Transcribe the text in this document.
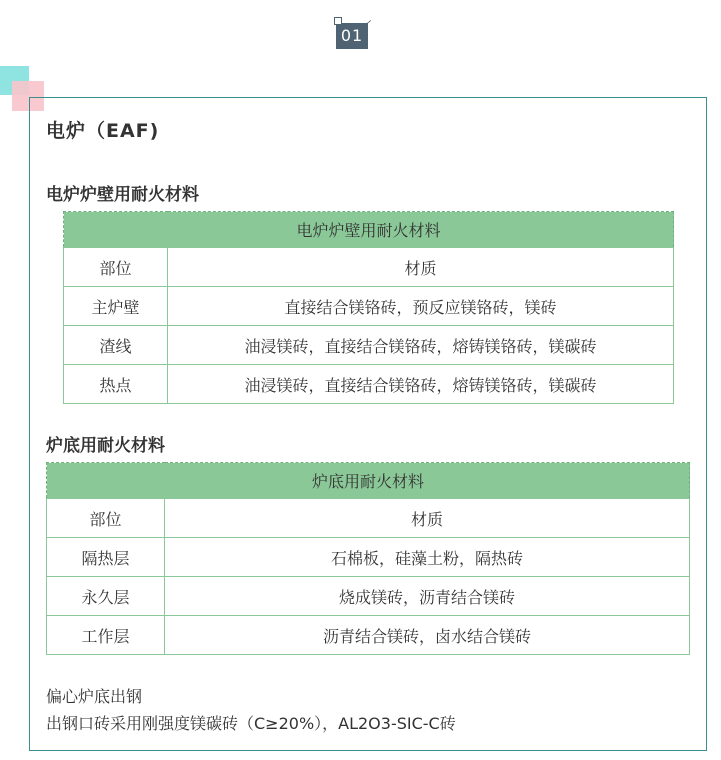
01
电炉（EAF)
电炉炉壁用耐火材料
电炉炉壁用耐火材料	
部位	材质
主炉壁	直接结合镁铬砖，预反应镁铬砖，镁砖
渣线	油浸镁砖，直接结合镁铬砖，熔铸镁铬砖，镁碳砖
热点	油浸镁砖，直接结合镁铬砖，熔铸镁铬砖，镁碳砖
炉底用耐火材料
炉底用耐火材料	
部位	材质
隔热层	石棉板，硅藻土粉，隔热砖
永久层	烧成镁砖，沥青结合镁砖
工作层	沥青结合镁砖，卤水结合镁砖
偏心炉底出钢
出钢口砖采用刚强度镁碳砖（C≥20%），AL2O3-SIC-C砖
